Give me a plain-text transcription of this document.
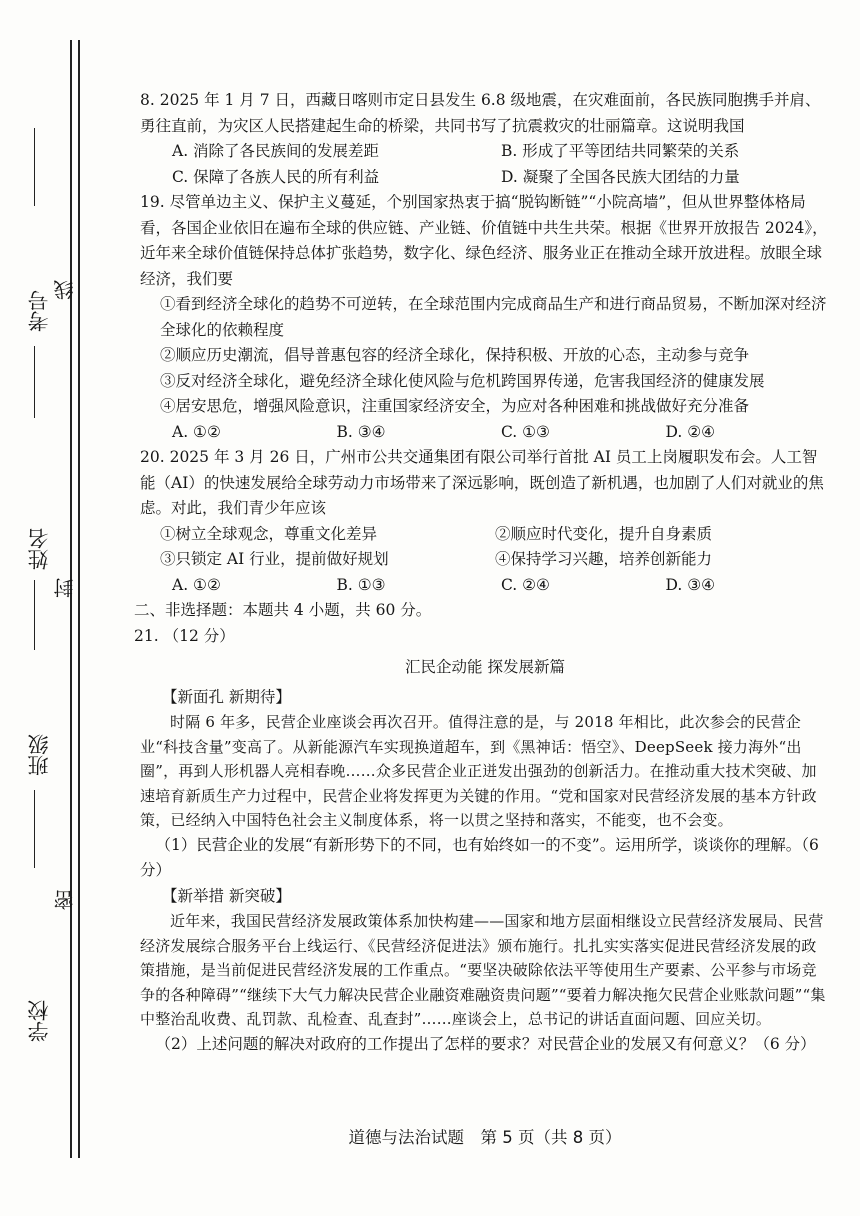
考号
姓名
班级
学校
线
封
密
8. 2025 年 1 月 7 日，西藏日喀则市定日县发生 6.8 级地震，在灾难面前，各民族同胞携手并肩、勇往直前，为灾区人民搭建起生命的桥梁，共同书写了抗震救灾的壮丽篇章。这说明我国
A. 消除了各民族间的发展差距	B. 形成了平等团结共同繁荣的关系
C. 保障了各族人民的所有利益	D. 凝聚了全国各民族大团结的力量
19. 尽管单边主义、保护主义蔓延，个别国家热衷于搞“脱钩断链”“小院高墙”，但从世界整体格局看，各国企业依旧在遍布全球的供应链、产业链、价值链中共生共荣。根据《世界开放报告 2024》，近年来全球价值链保持总体扩张趋势，数字化、绿色经济、服务业正在推动全球开放进程。放眼全球经济，我们要
①看到经济全球化的趋势不可逆转，在全球范围内完成商品生产和进行商品贸易，不断加深对经济全球化的依赖程度
②顺应历史潮流，倡导普惠包容的经济全球化，保持积极、开放的心态，主动参与竞争
③反对经济全球化，避免经济全球化使风险与危机跨国界传递，危害我国经济的健康发展
④居安思危，增强风险意识，注重国家经济安全，为应对各种困难和挑战做好充分准备
A. ①②	B. ③④	C. ①③	D. ②④
20. 2025 年 3 月 26 日，广州市公共交通集团有限公司举行首批 AI 员工上岗履职发布会。人工智能（AI）的快速发展给全球劳动力市场带来了深远影响，既创造了新机遇，也加剧了人们对就业的焦虑。对此，我们青少年应该
①树立全球观念，尊重文化差异	②顺应时代变化，提升自身素质
③只锁定 AI 行业，提前做好规划	④保持学习兴趣，培养创新能力
A. ①②	B. ①③	C. ②④	D. ③④
二、非选择题：本题共 4 小题，共 60 分。
21. （12 分）
汇民企动能 探发展新篇
【新面孔 新期待】
时隔 6 年多，民营企业座谈会再次召开。值得注意的是，与 2018 年相比，此次参会的民营企业“科技含量”变高了。从新能源汽车实现换道超车，到《黑神话：悟空》、DeepSeek 接力海外“出圈”，再到人形机器人亮相春晚……众多民营企业正迸发出强劲的创新活力。在推动重大技术突破、加速培育新质生产力过程中，民营企业将发挥更为关键的作用。“党和国家对民营经济发展的基本方针政策，已经纳入中国特色社会主义制度体系，将一以贯之坚持和落实，不能变，也不会变。
（1）民营企业的发展“有新形势下的不同，也有始终如一的不变”。运用所学，谈谈你的理解。（6 分）
【新举措 新突破】
近年来，我国民营经济发展政策体系加快构建——国家和地方层面相继设立民营经济发展局、民营经济发展综合服务平台上线运行、《民营经济促进法》颁布施行。扎扎实实落实促进民营经济发展的政策措施，是当前促进民营经济发展的工作重点。“要坚决破除依法平等使用生产要素、公平参与市场竞争的各种障碍”“继续下大气力解决民营企业融资难融资贵问题”“要着力解决拖欠民营企业账款问题”“集中整治乱收费、乱罚款、乱检查、乱查封”……座谈会上，总书记的讲话直面问题、回应关切。
（2）上述问题的解决对政府的工作提出了怎样的要求？对民营企业的发展又有何意义？（6 分）
道德与法治试题　第 5 页（共 8 页）
